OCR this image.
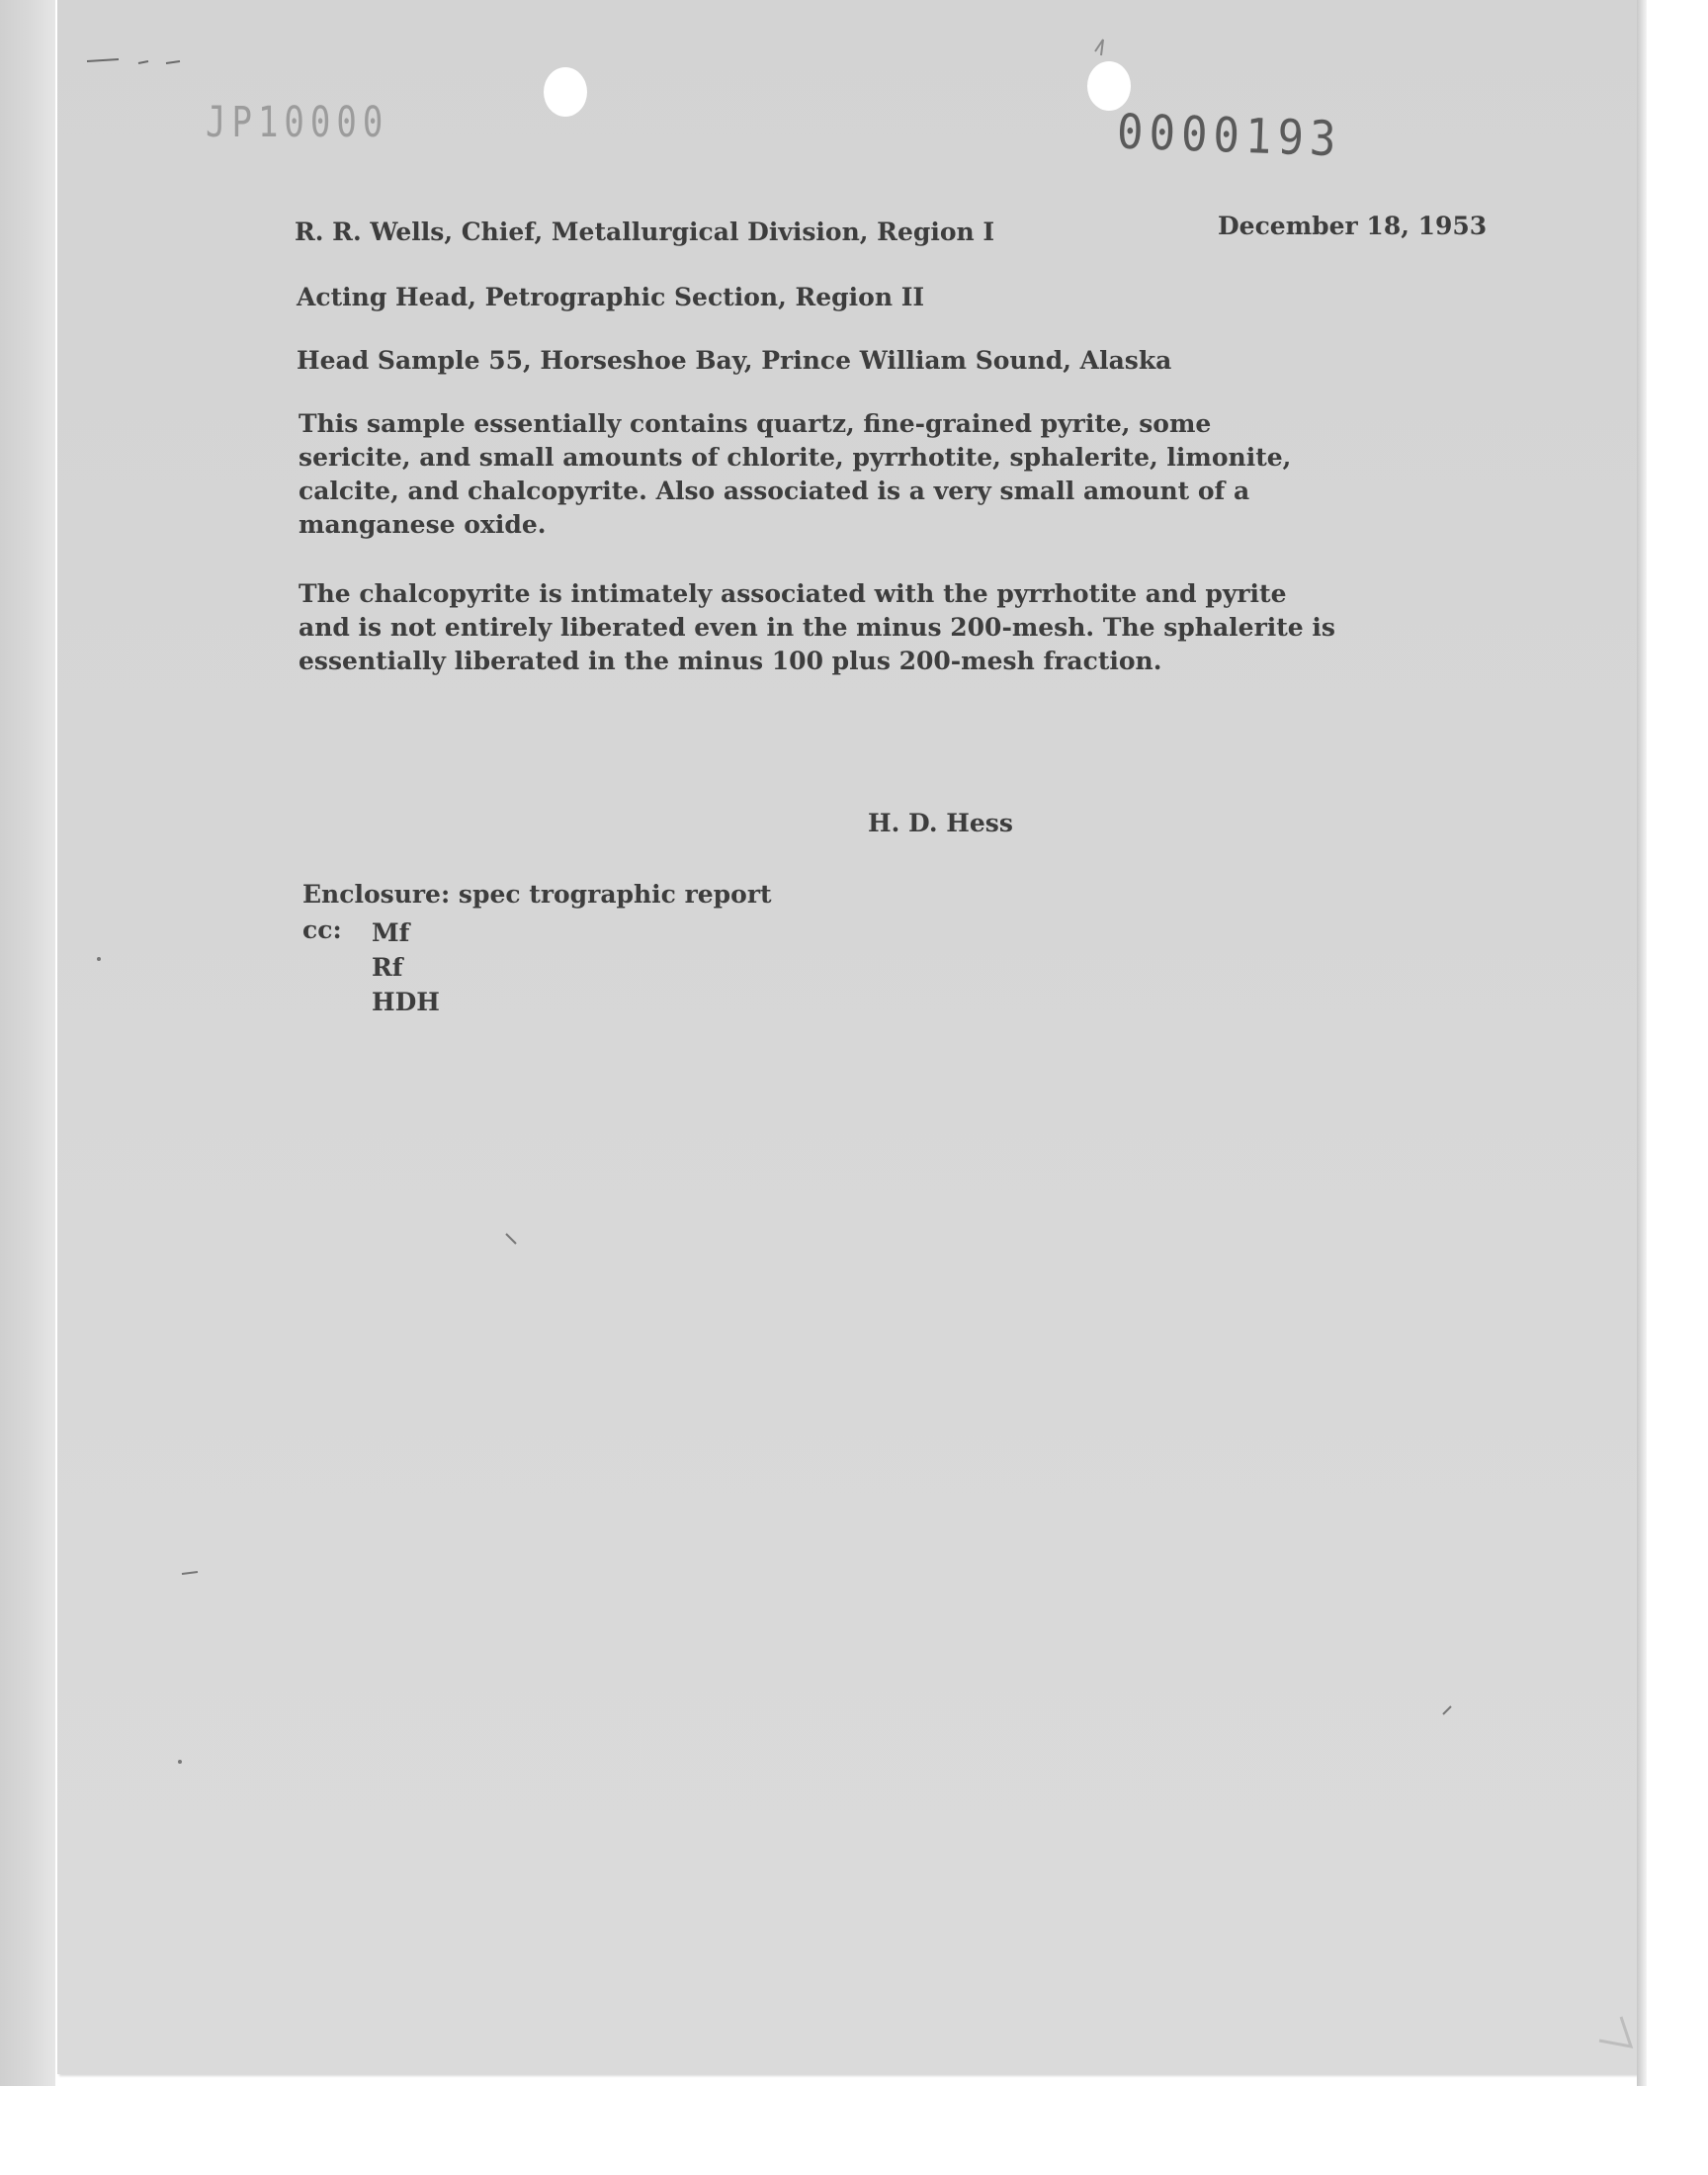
JP10000	0000193

R. R. Wells, Chief, Metallurgical Division, Region I	December 18, 1953

Acting Head, Petrographic Section, Region II

Head Sample 55, Horseshoe Bay, Prince William Sound, Alaska

This sample essentially contains quartz, fine-grained pyrite, some
sericite, and small amounts of chlorite, pyrrhotite, sphalerite, limonite,
calcite, and chalcopyrite. Also associated is a very small amount of a
manganese oxide.

The chalcopyrite is intimately associated with the pyrrhotite and pyrite
and is not entirely liberated even in the minus 200-mesh. The sphalerite is
essentially liberated in the minus 100 plus 200-mesh fraction.

H. D. Hess

Enclosure: spec trographic report

cc: Mf
Rf
HDH
